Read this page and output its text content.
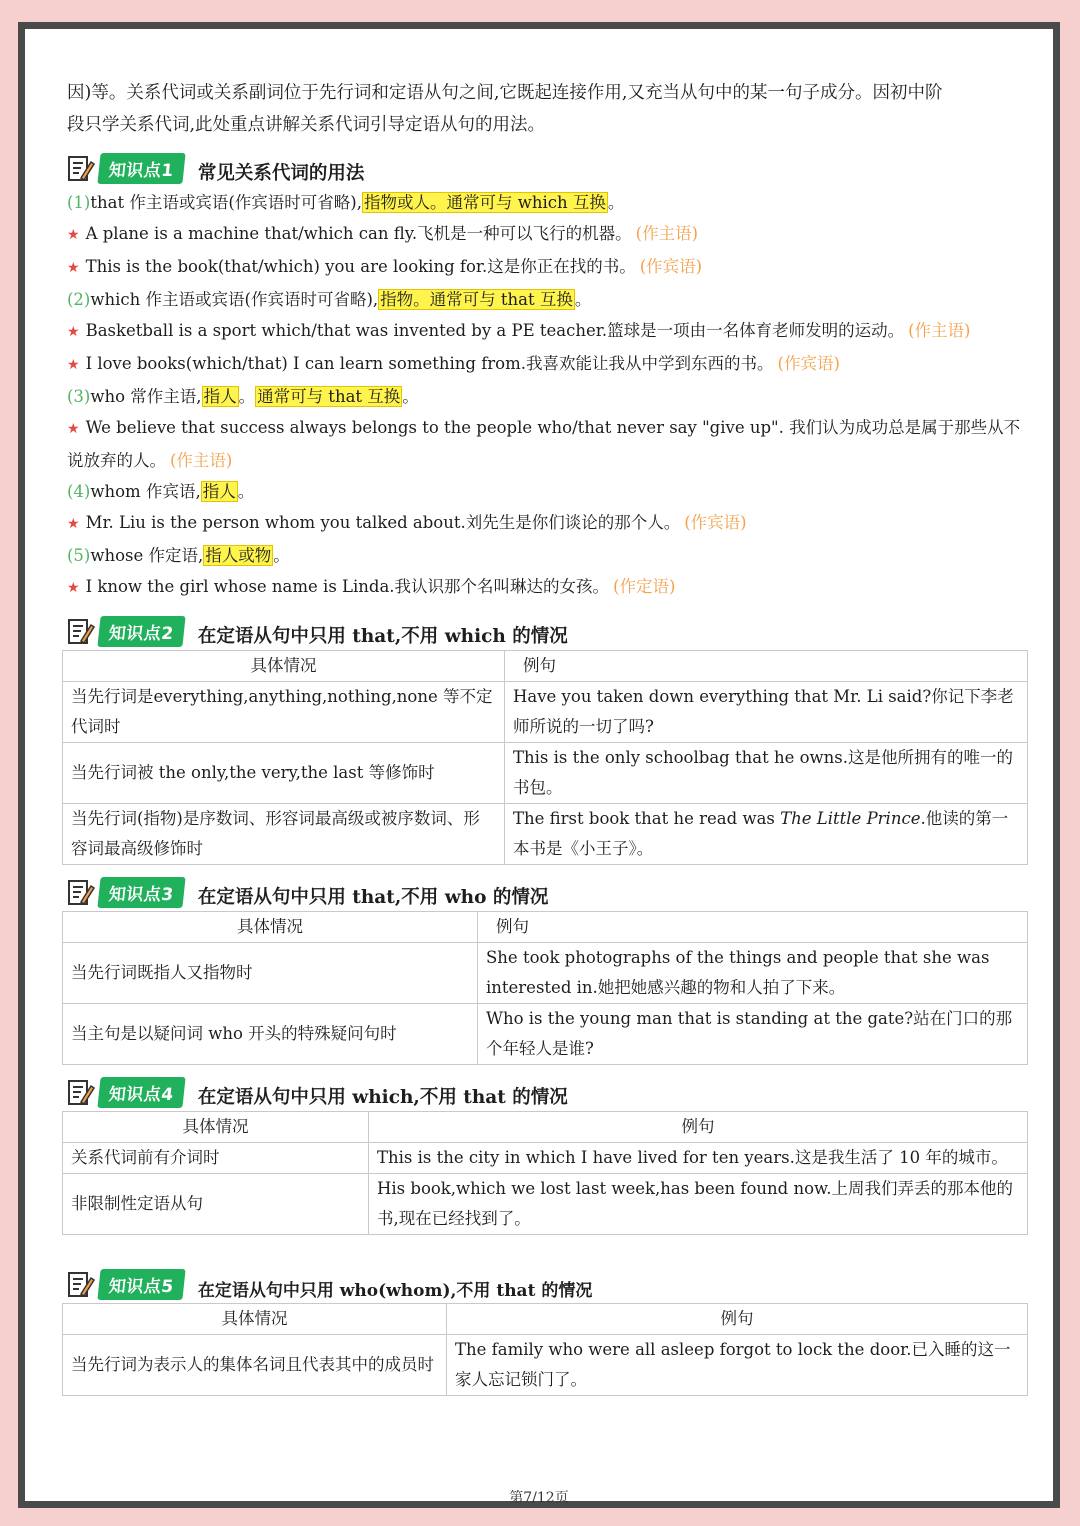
因)等。关系代词或关系副词位于先行词和定语从句之间,它既起连接作用,又充当从句中的某一句子成分。因初中阶

段只学关系代词,此处重点讲解关系代词引导定语从句的用法。

知识点1	常见关系代词的用法

(1)that 作主语或宾语(作宾语时可省略), 指物或人。通常可与 which 互换 。

★ A plane is a machine that/which can fly.飞机是一种可以飞行的机器。 (作主语)

★ This is the book(that/which) you are looking for.这是你正在找的书。 (作宾语)

(2)which 作主语或宾语(作宾语时可省略), 指物。通常可与 that 互换 。

★ Basketball is a sport which/that was invented by a PE teacher.篮球是一项由一名体育老师发明的运动。 (作主语)

★ I love books(which/that) I can learn something from.我喜欢能让我从中学到东西的书。 (作宾语)

(3)who 常作主语, 指人 。 通常可与 that 互换 。

★ We believe that success always belongs to the people who/that never say "give up". 我们认为成功总是属于那些从不说放弃的人。 (作主语)

(4)whom 作宾语, 指人 。

★ Mr. Liu is the person whom you talked about.刘先生是你们谈论的那个人。 (作宾语)

(5)whose 作定语, 指人或物 。

★ I know the girl whose name is Linda.我认识那个名叫琳达的女孩。 (作定语)

知识点2	在定语从句中只用 that,不用 which 的情况
具体情况	例句
当先行词是everything,anything,nothing,none 等不定代词时	Have you taken down everything that Mr. Li said?你记下李老师所说的一切了吗?
当先行词被 the only,the very,the last 等修饰时	This is the only schoolbag that he owns.这是他所拥有的唯一的书包。
当先行词(指物)是序数词、形容词最高级或被序数词、形容词最高级修饰时	The first book that he read was The Little Prince.他读的第一本书是《小王子》。
知识点3	在定语从句中只用 that,不用 who 的情况
具体情况	例句
当先行词既指人又指物时	She took photographs of the things and people that she was interested in.她把她感兴趣的物和人拍了下来。
当主句是以疑问词 who 开头的特殊疑问句时	Who is the young man that is standing at the gate?站在门口的那个年轻人是谁?
知识点4	在定语从句中只用 which,不用 that 的情况
具体情况	例句
关系代词前有介词时	This is the city in which I have lived for ten years.这是我生活了 10 年的城市。
非限制性定语从句	His book,which we lost last week,has been found now.上周我们弄丢的那本他的书,现在已经找到了。
知识点5	在定语从句中只用 who(whom),不用 that 的情况
具体情况	例句
当先行词为表示人的集体名词且代表其中的成员时	The family who were all asleep forgot to lock the door.已入睡的这一家人忘记锁门了。
第7/12页
